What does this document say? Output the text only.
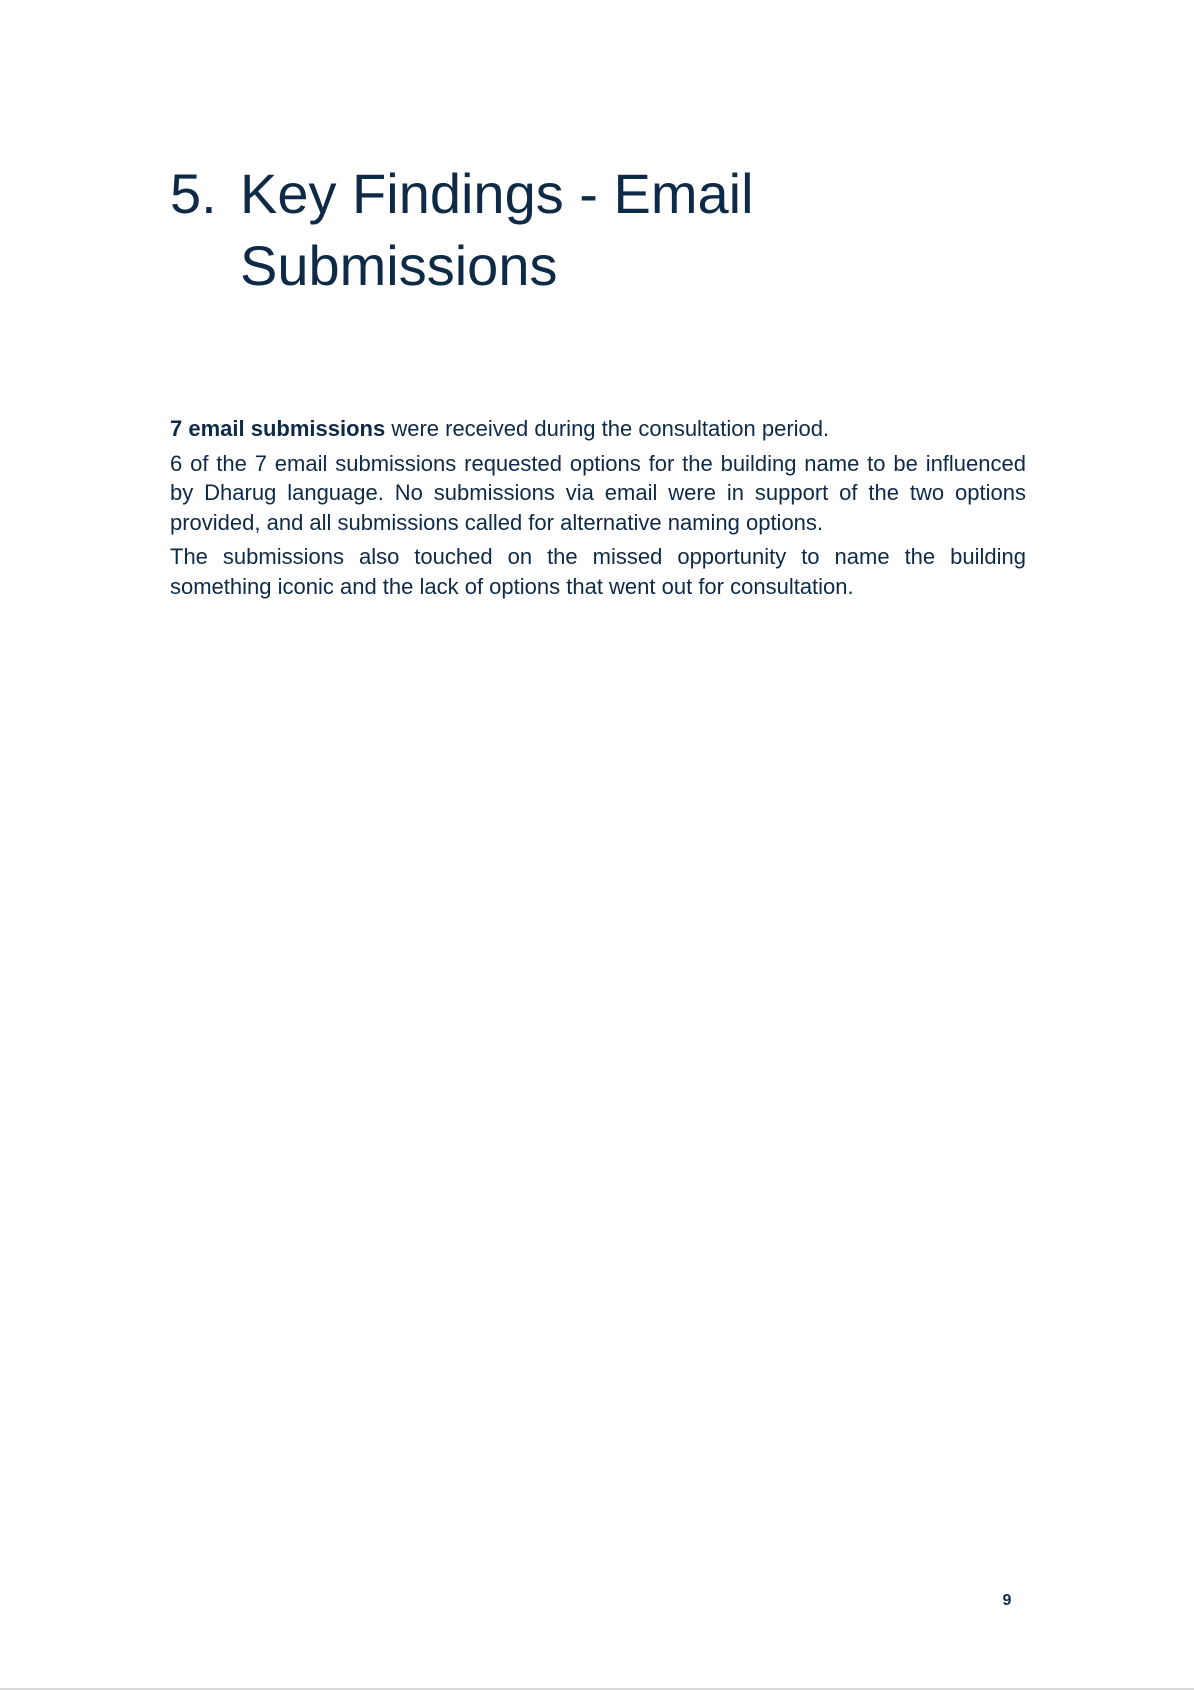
5. Key Findings - Email Submissions

7 email submissions were received during the consultation period.

6 of the 7 email submissions requested options for the building name to be influenced by Dharug language. No submissions via email were in support of the two options provided, and all submissions called for alternative naming options.

The submissions also touched on the missed opportunity to name the building something iconic and the lack of options that went out for consultation.

9
